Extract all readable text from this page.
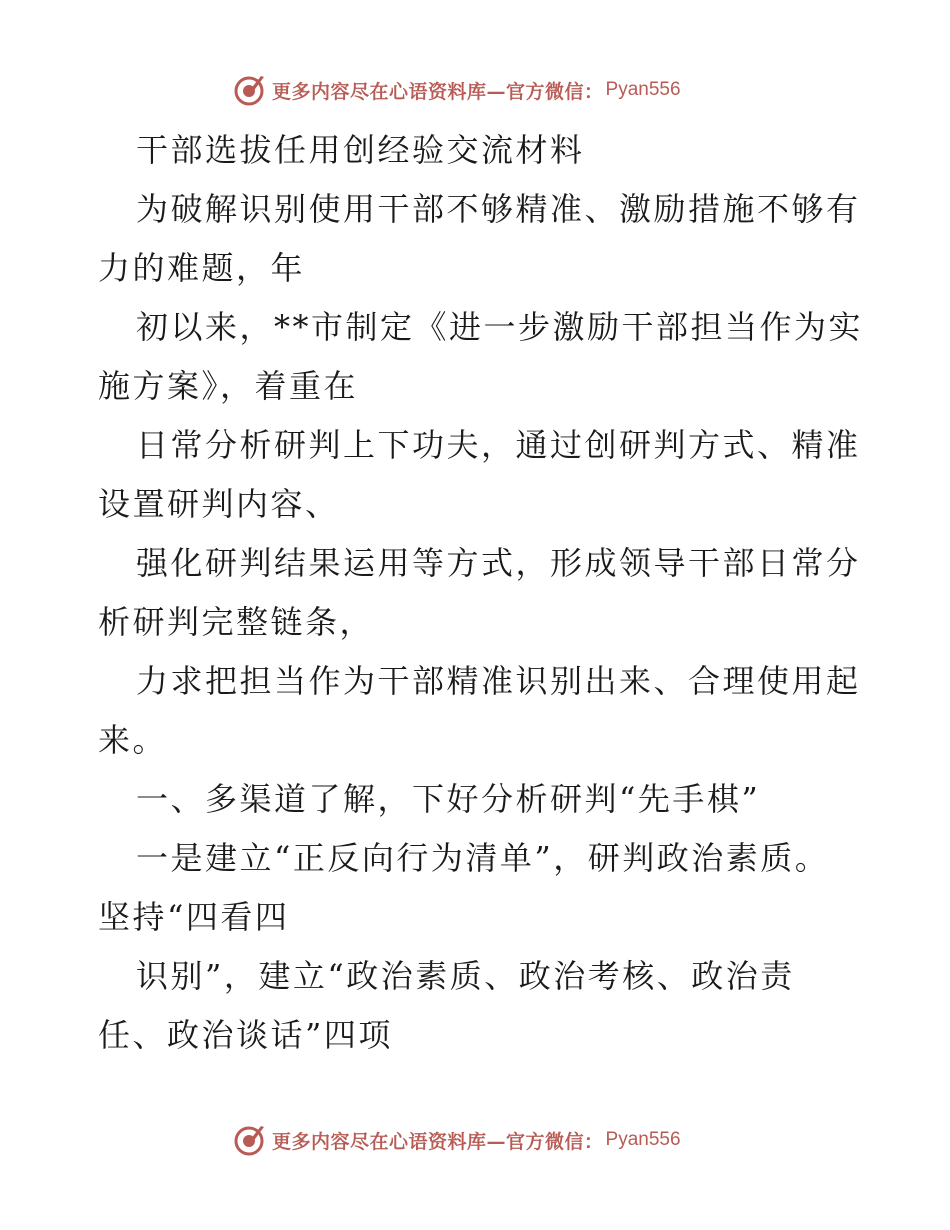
更多内容尽在心语资料库—官方微信： Pyan556
干部选拔任用创经验交流材料
为破解识别使用干部不够精准、激励措施不够有
力的难题，年
初以来，**市制定《进一步激励干部担当作为实
施方案》，着重在
日常分析研判上下功夫，通过创研判方式、精准
设置研判内容、
强化研判结果运用等方式，形成领导干部日常分
析研判完整链条，
力求把担当作为干部精准识别出来、合理使用起
来。
一、多渠道了解，下好分析研判“先手棋”
一是建立“正反向行为清单”，研判政治素质。
坚持“四看四
识别”，建立“政治素质、政治考核、政治责
任、政治谈话”四项
更多内容尽在心语资料库—官方微信： Pyan556
